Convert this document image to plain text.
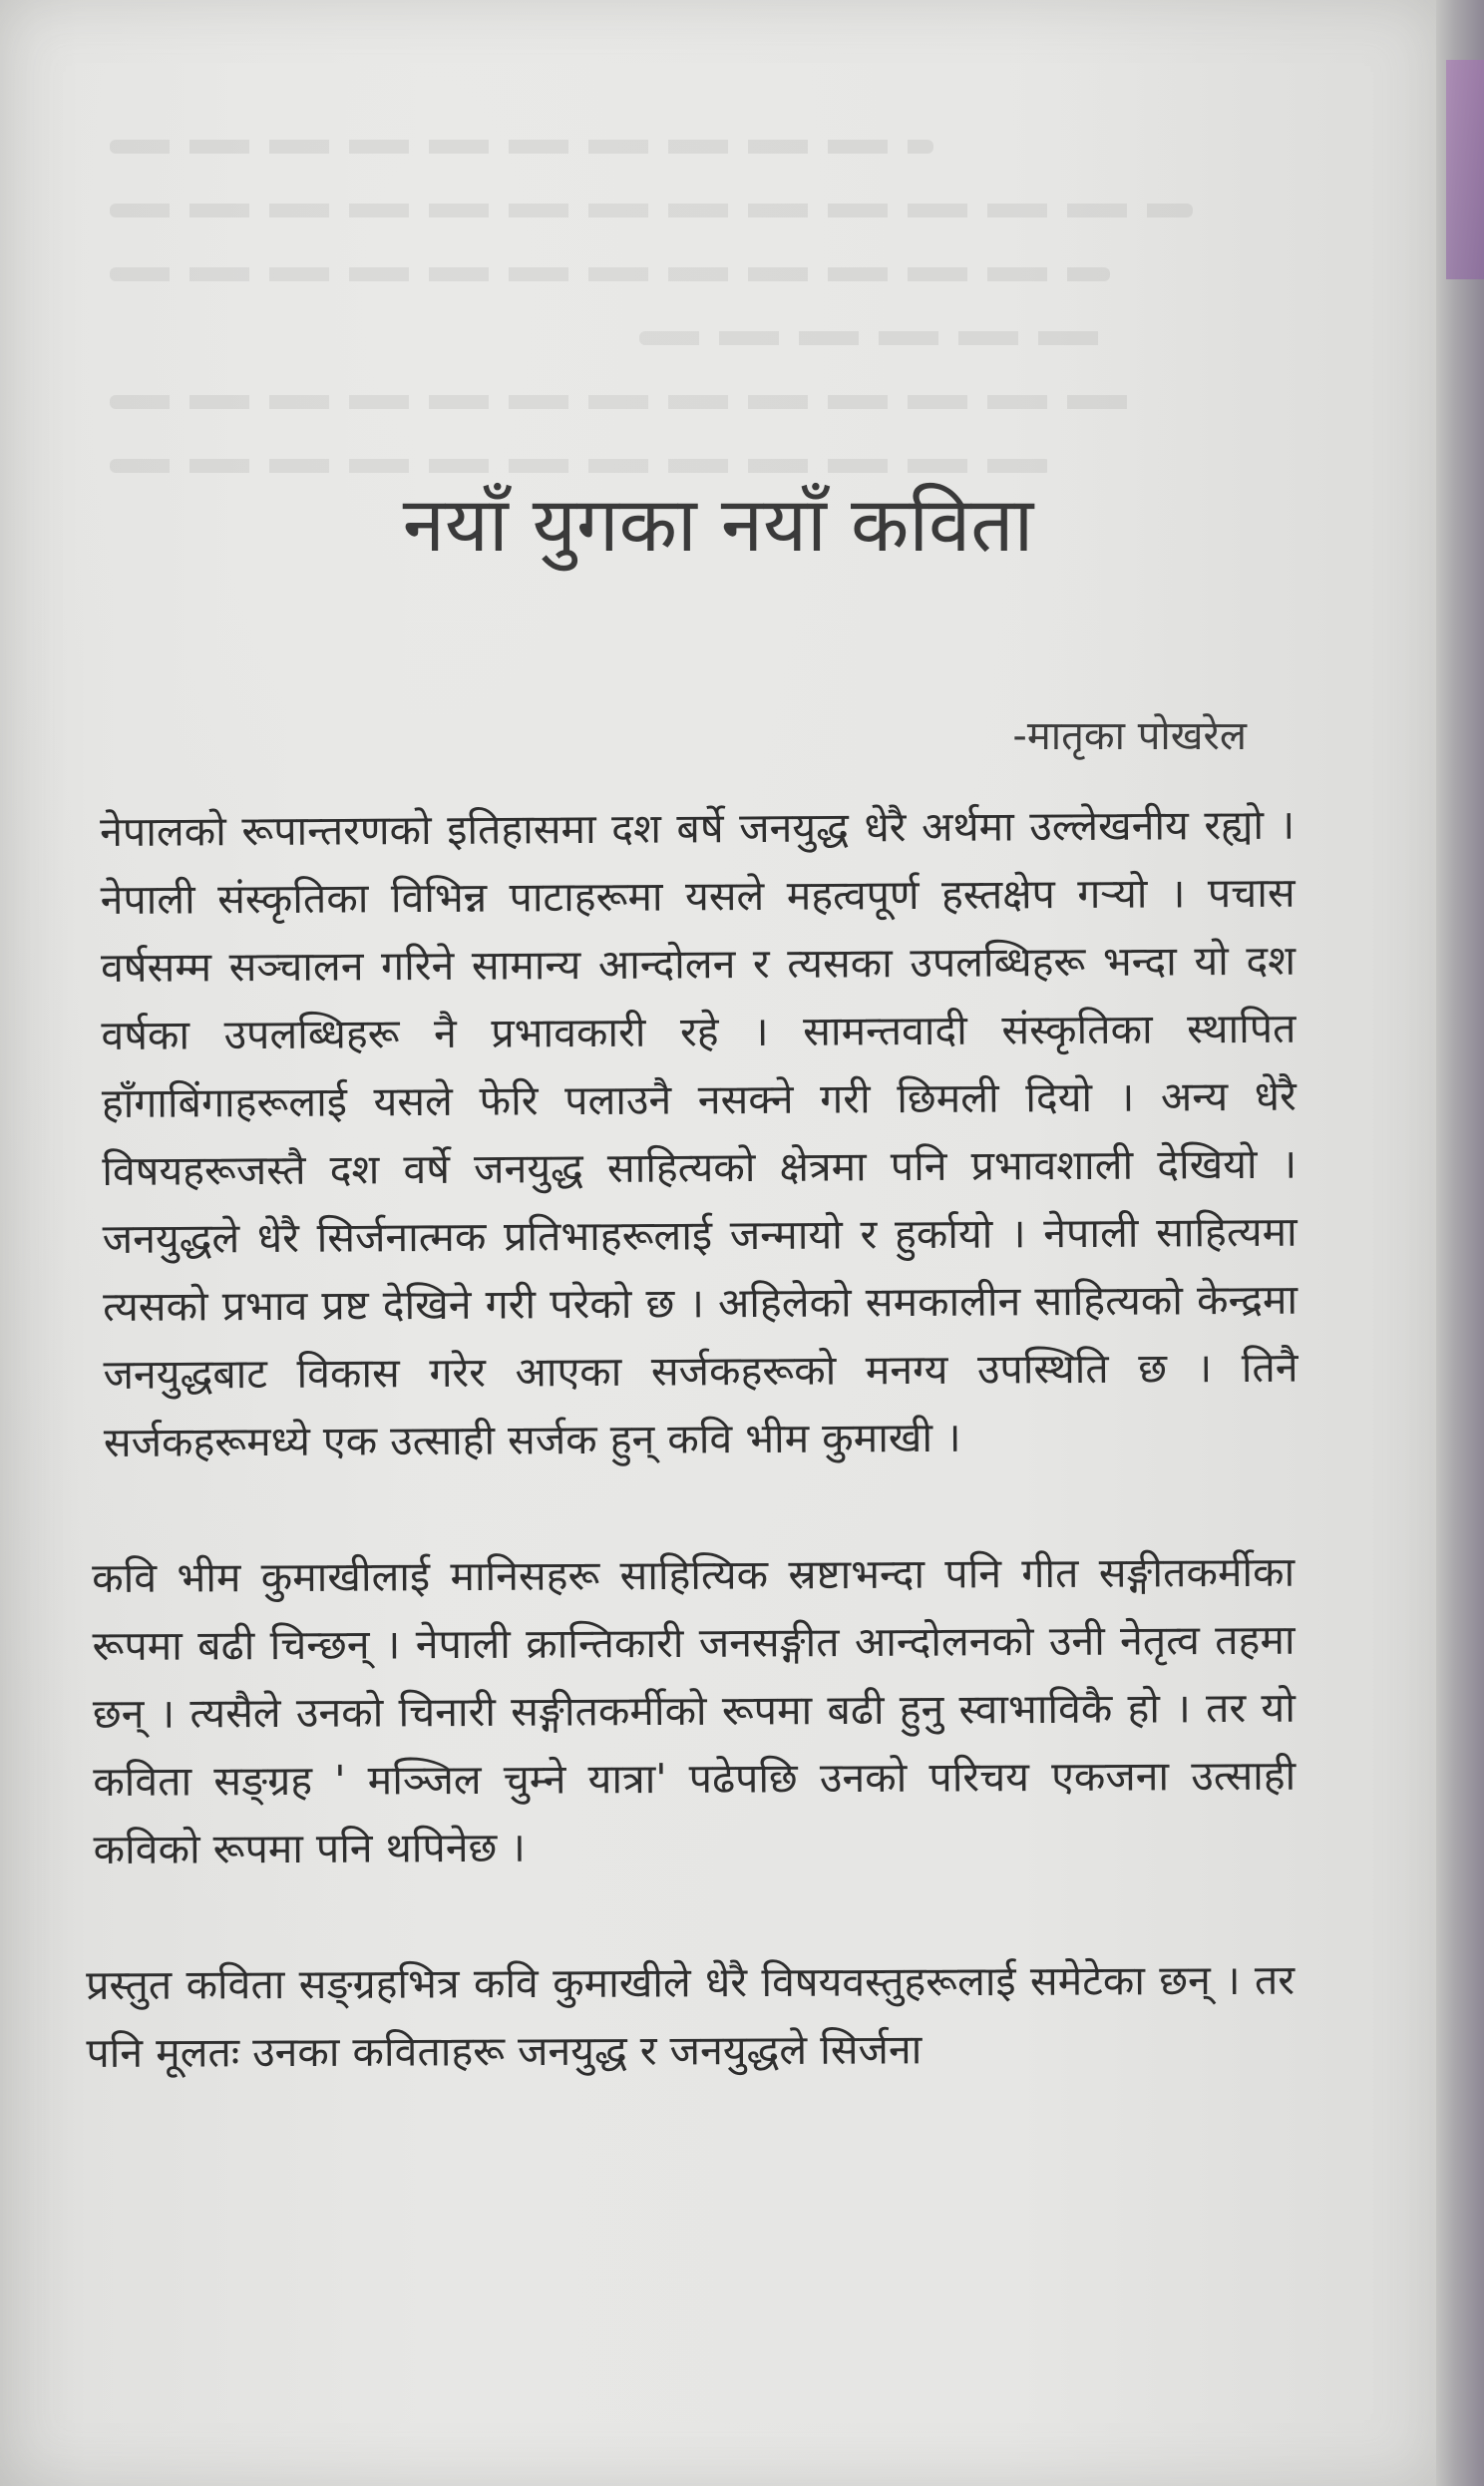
नयाँ युगका नयाँ कविता
-मातृका पोखरेल

नेपालको रूपान्तरणको इतिहासमा दश बर्षे जनयुद्ध धेरै अर्थमा उल्लेखनीय रह्यो । नेपाली संस्कृतिका विभिन्न पाटाहरूमा यसले महत्वपूर्ण हस्तक्षेप गऱ्यो । पचास वर्षसम्म सञ्चालन गरिने सामान्य आन्दोलन र त्यसका उपलब्धिहरू भन्दा यो दश वर्षका उपलब्धिहरू नै प्रभावकारी रहे । सामन्तवादी संस्कृतिका स्थापित हाँगाबिंगाहरूलाई यसले फेरि पलाउनै नसक्ने गरी छिमली दियो । अन्य धेरै विषयहरूजस्तै दश वर्षे जनयुद्ध साहित्यको क्षेत्रमा पनि प्रभावशाली देखियो । जनयुद्धले धेरै सिर्जनात्मक प्रतिभाहरूलाई जन्मायो र हुर्कायो । नेपाली साहित्यमा त्यसको प्रभाव प्रष्ट देखिने गरी परेको छ । अहिलेको समकालीन साहित्यको केन्द्रमा जनयुद्धबाट विकास गरेर आएका सर्जकहरूको मनग्य उपस्थिति छ । तिनै सर्जकहरूमध्ये एक उत्साही सर्जक हुन् कवि भीम कुमाखी ।

कवि भीम कुमाखीलाई मानिसहरू साहित्यिक स्रष्टाभन्दा पनि गीत सङ्गीतकर्मीका रूपमा बढी चिन्छन् । नेपाली क्रान्तिकारी जनसङ्गीत आन्दोलनको उनी नेतृत्व तहमा छन् । त्यसैले उनको चिनारी सङ्गीतकर्मीको रूपमा बढी हुनु स्वाभाविकै हो । तर यो कविता सङ्ग्रह ' मञ्जिल चुम्ने यात्रा' पढेपछि उनको परिचय एकजना उत्साही कविको रूपमा पनि थपिनेछ ।

प्रस्तुत कविता सङ्ग्रहभित्र कवि कुमाखीले धेरै विषयवस्तुहरूलाई समेटेका छन् । तर पनि मूलतः उनका कविताहरू जनयुद्ध र जनयुद्धले सिर्जना
